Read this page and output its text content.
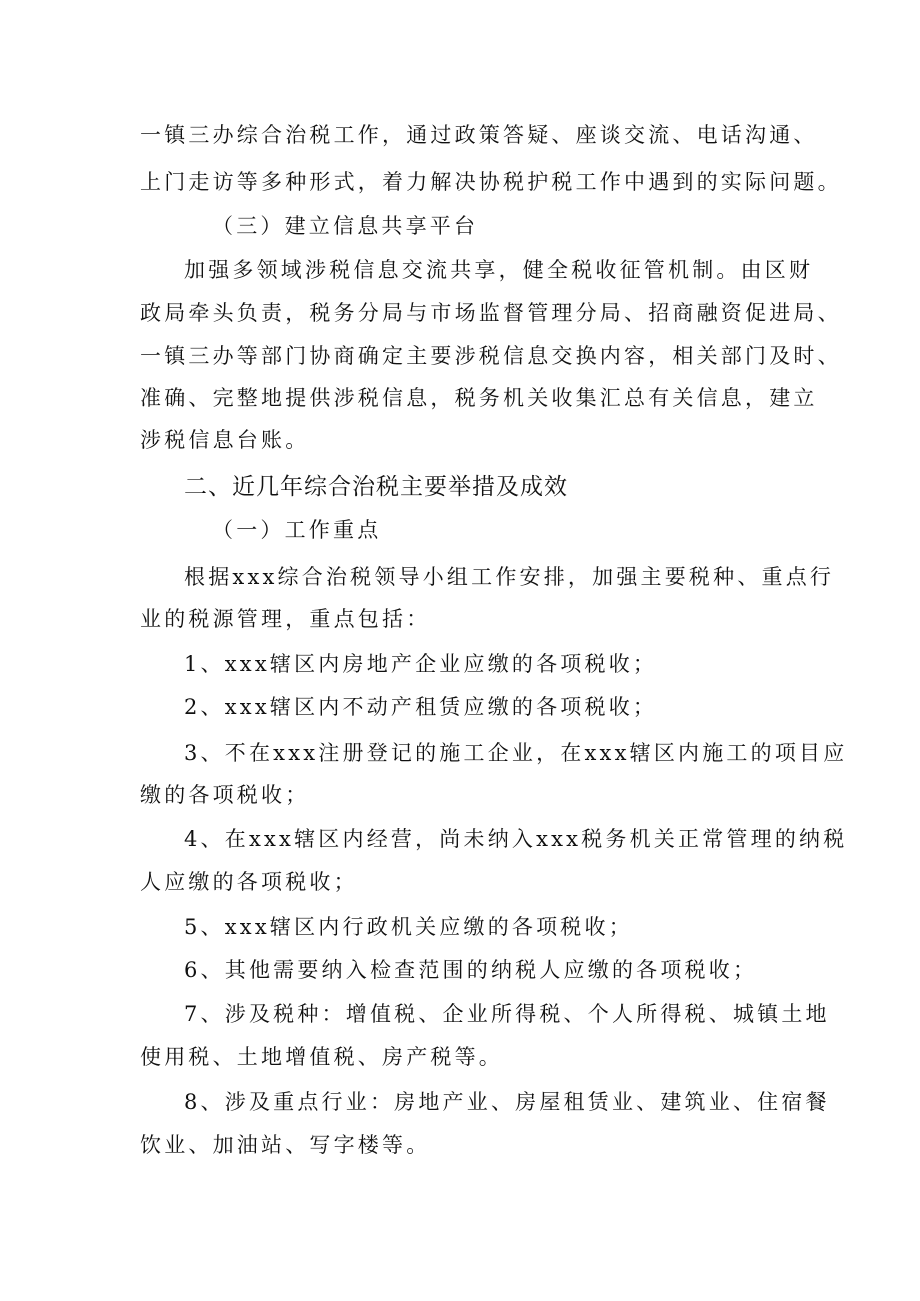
一镇三办综合治税工作，通过政策答疑、座谈交流、电话沟通、
上门走访等多种形式，着力解决协税护税工作中遇到的实际问题。
（三）建立信息共享平台
加强多领域涉税信息交流共享，健全税收征管机制。由区财
政局牵头负责，税务分局与市场监督管理分局、招商融资促进局、
一镇三办等部门协商确定主要涉税信息交换内容，相关部门及时、
准确、完整地提供涉税信息，税务机关收集汇总有关信息，建立
涉税信息台账。
二、近几年综合治税主要举措及成效
（一）工作重点
根据xxx综合治税领导小组工作安排，加强主要税种、重点行
业的税源管理，重点包括：
1、xxx辖区内房地产企业应缴的各项税收；
2、xxx辖区内不动产租赁应缴的各项税收；
3、不在xxx注册登记的施工企业，在xxx辖区内施工的项目应
缴的各项税收；
4、在xxx辖区内经营，尚未纳入xxx税务机关正常管理的纳税
人应缴的各项税收；
5、xxx辖区内行政机关应缴的各项税收；
6、其他需要纳入检查范围的纳税人应缴的各项税收；
7、涉及税种：增值税、企业所得税、个人所得税、城镇土地
使用税、土地增值税、房产税等。
8、涉及重点行业：房地产业、房屋租赁业、建筑业、住宿餐
饮业、加油站、写字楼等。
